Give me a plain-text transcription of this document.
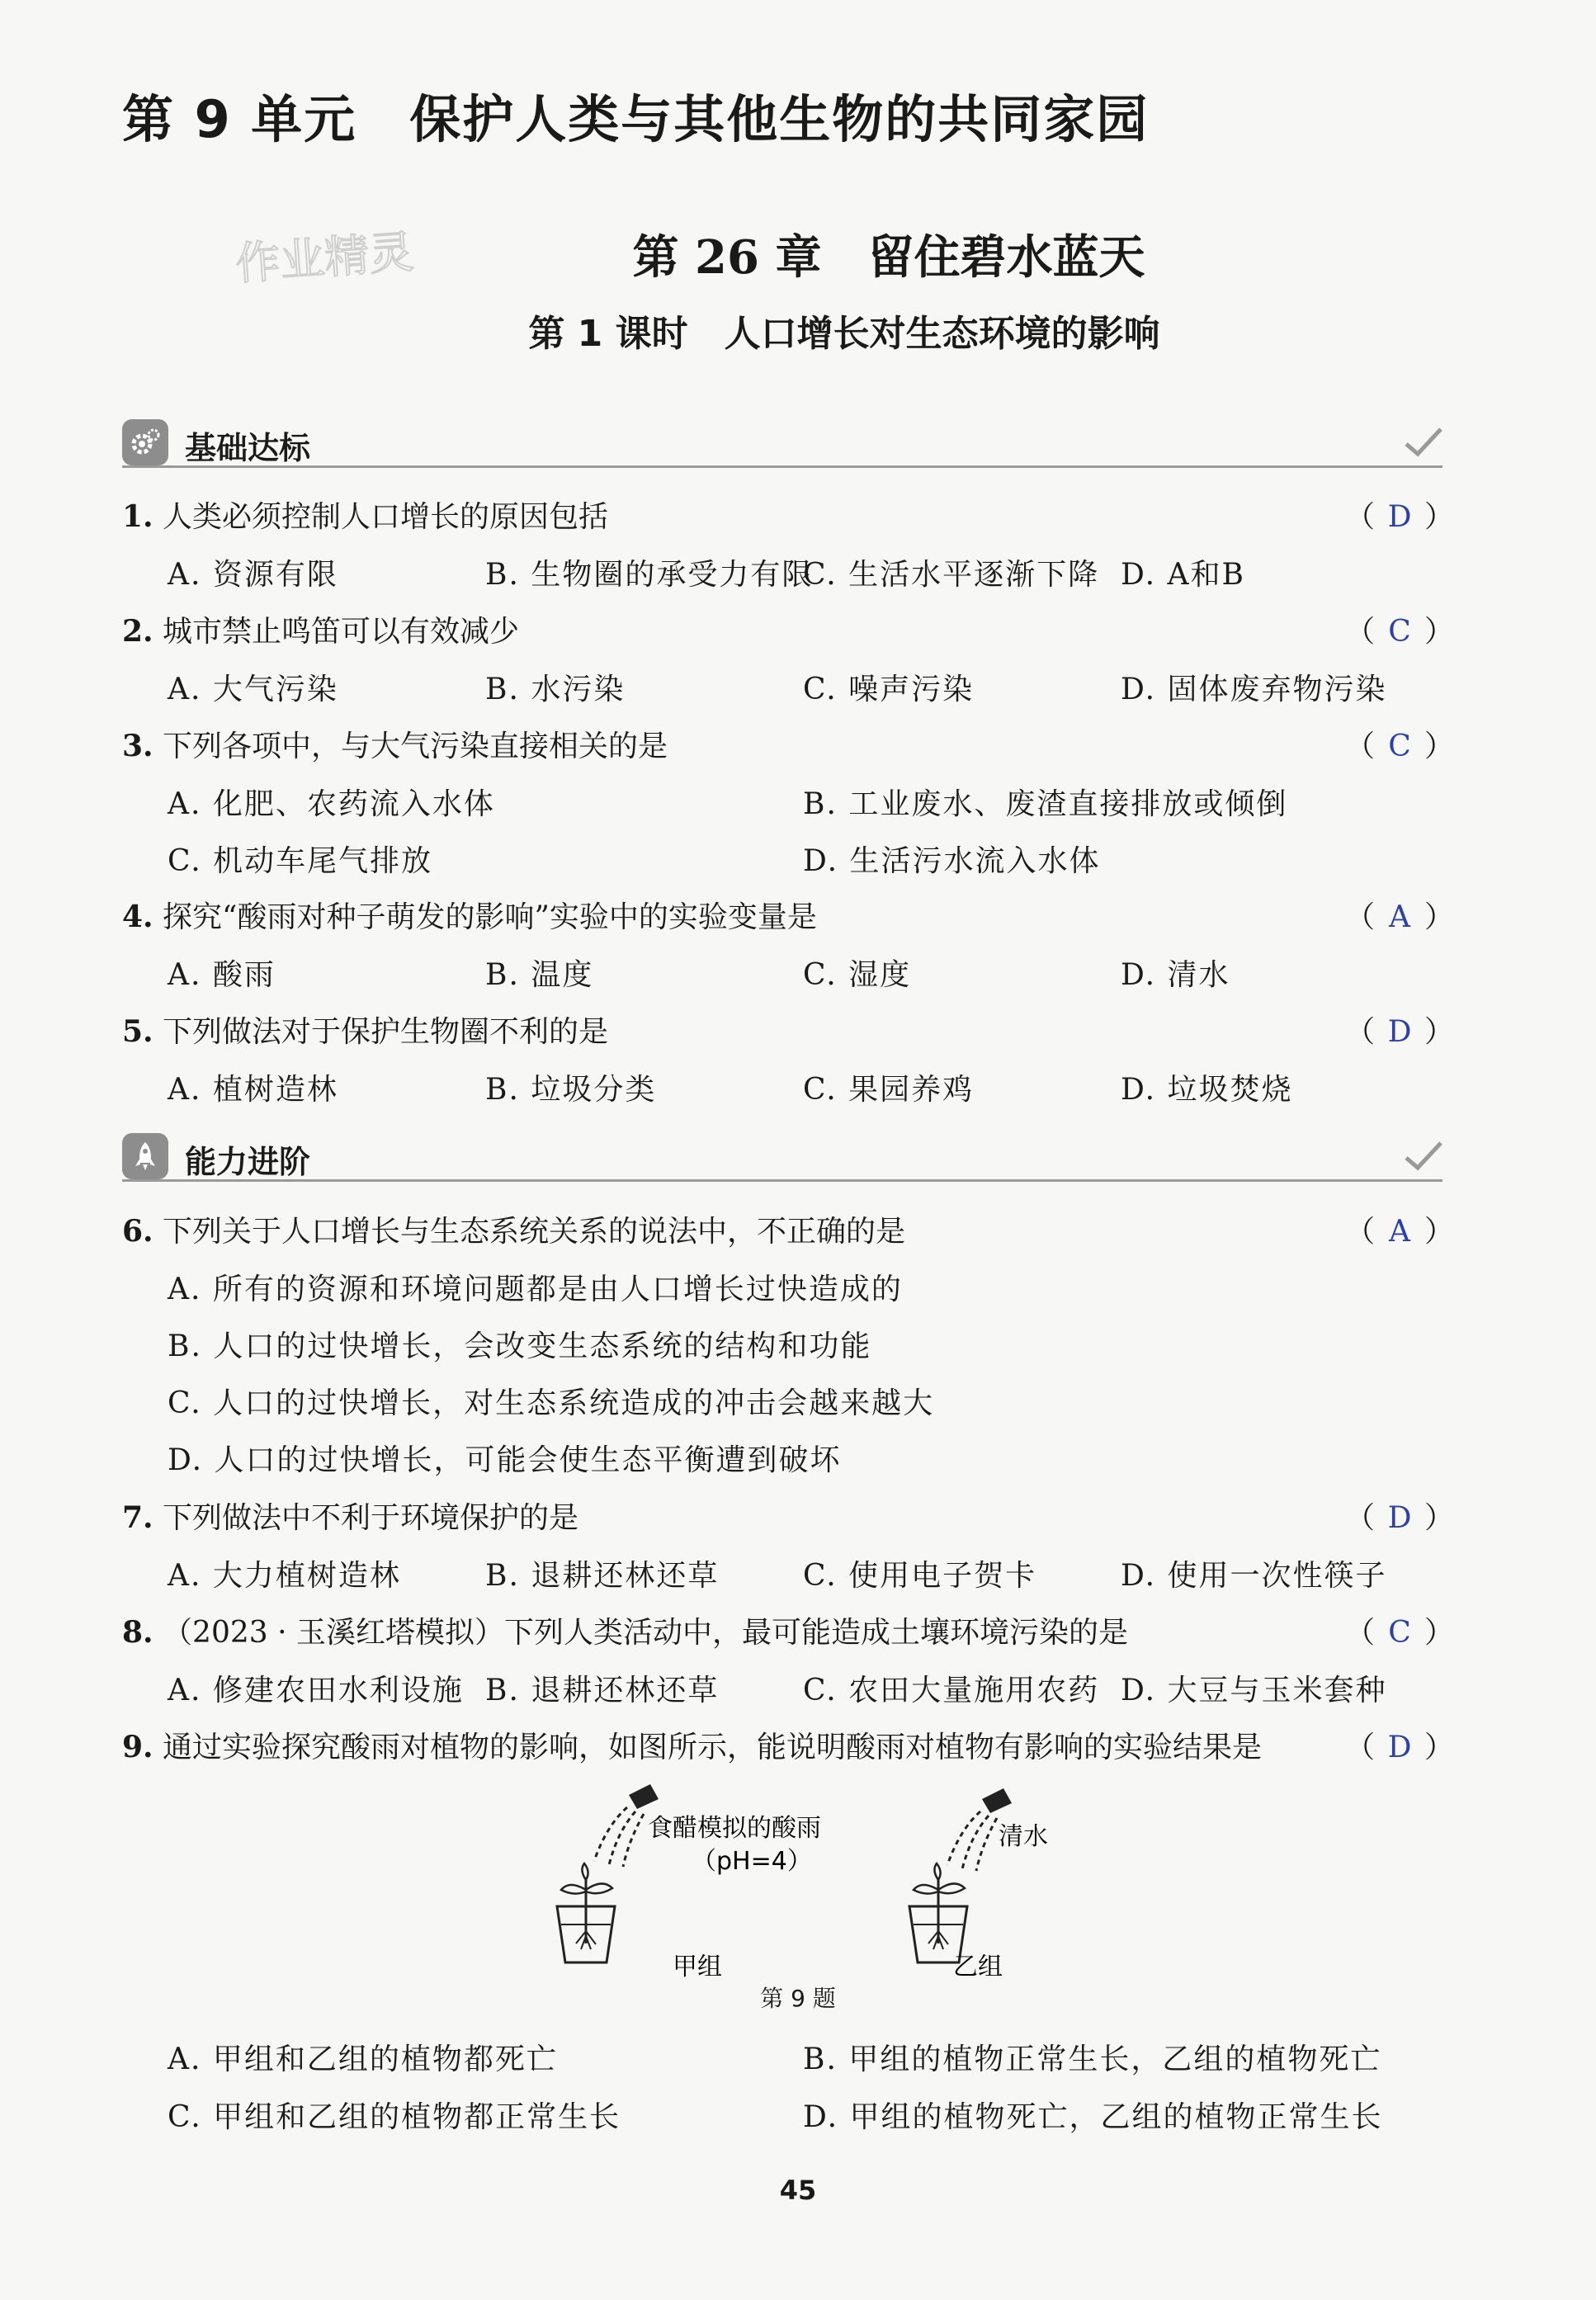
第 9 单元　保护人类与其他生物的共同家园
作业精灵	第 26 章　留住碧水蓝天
第 1 课时　人口增长对生态环境的影响
基础达标
1. 人类必须控制人口增长的原因包括	（ D ）
A. 资源有限	B. 生物圈的承受力有限
C. 生活水平逐渐下降 D. A和B
2. 城市禁止鸣笛可以有效减少	（ C ）
A. 大气污染	B. 水污染	C. 噪声污染	D. 固体废弃物污染
3. 下列各项中，与大气污染直接相关的是	（ C ）
A. 化肥、农药流入水体	B. 工业废水、废渣直接排放或倾倒
C. 机动车尾气排放	D. 生活污水流入水体
4. 探究“酸雨对种子萌发的影响”实验中的实验变量是	（ A ）
A. 酸雨	B. 温度	C. 湿度	D. 清水
5. 下列做法对于保护生物圈不利的是	（ D ）
A. 植树造林	B. 垃圾分类	C. 果园养鸡	D. 垃圾焚烧
能力进阶
6. 下列关于人口增长与生态系统关系的说法中，不正确的是	（ A ）
A. 所有的资源和环境问题都是由人口增长过快造成的
B. 人口的过快增长，会改变生态系统的结构和功能
C. 人口的过快增长，对生态系统造成的冲击会越来越大
D. 人口的过快增长，可能会使生态平衡遭到破坏
7. 下列做法中不利于环境保护的是	（ D ）
A. 大力植树造林	B. 退耕还林还草	C. 使用电子贺卡	D. 使用一次性筷子
8. （2023 · 玉溪红塔模拟）下列人类活动中，最可能造成土壤环境污染的是	（ C ）
A. 修建农田水利设施 B. 退耕还林还草	C. 农田大量施用农药 D. 大豆与玉米套种
9. 通过实验探究酸雨对植物的影响，如图所示，能说明酸雨对植物有影响的实验结果是	（ D ）
食醋模拟的酸雨
（pH=4）
清水
甲组	乙组
第 9 题
A. 甲组和乙组的植物都死亡	B. 甲组的植物正常生长，乙组的植物死亡
C. 甲组和乙组的植物都正常生长	D. 甲组的植物死亡，乙组的植物正常生长
45
